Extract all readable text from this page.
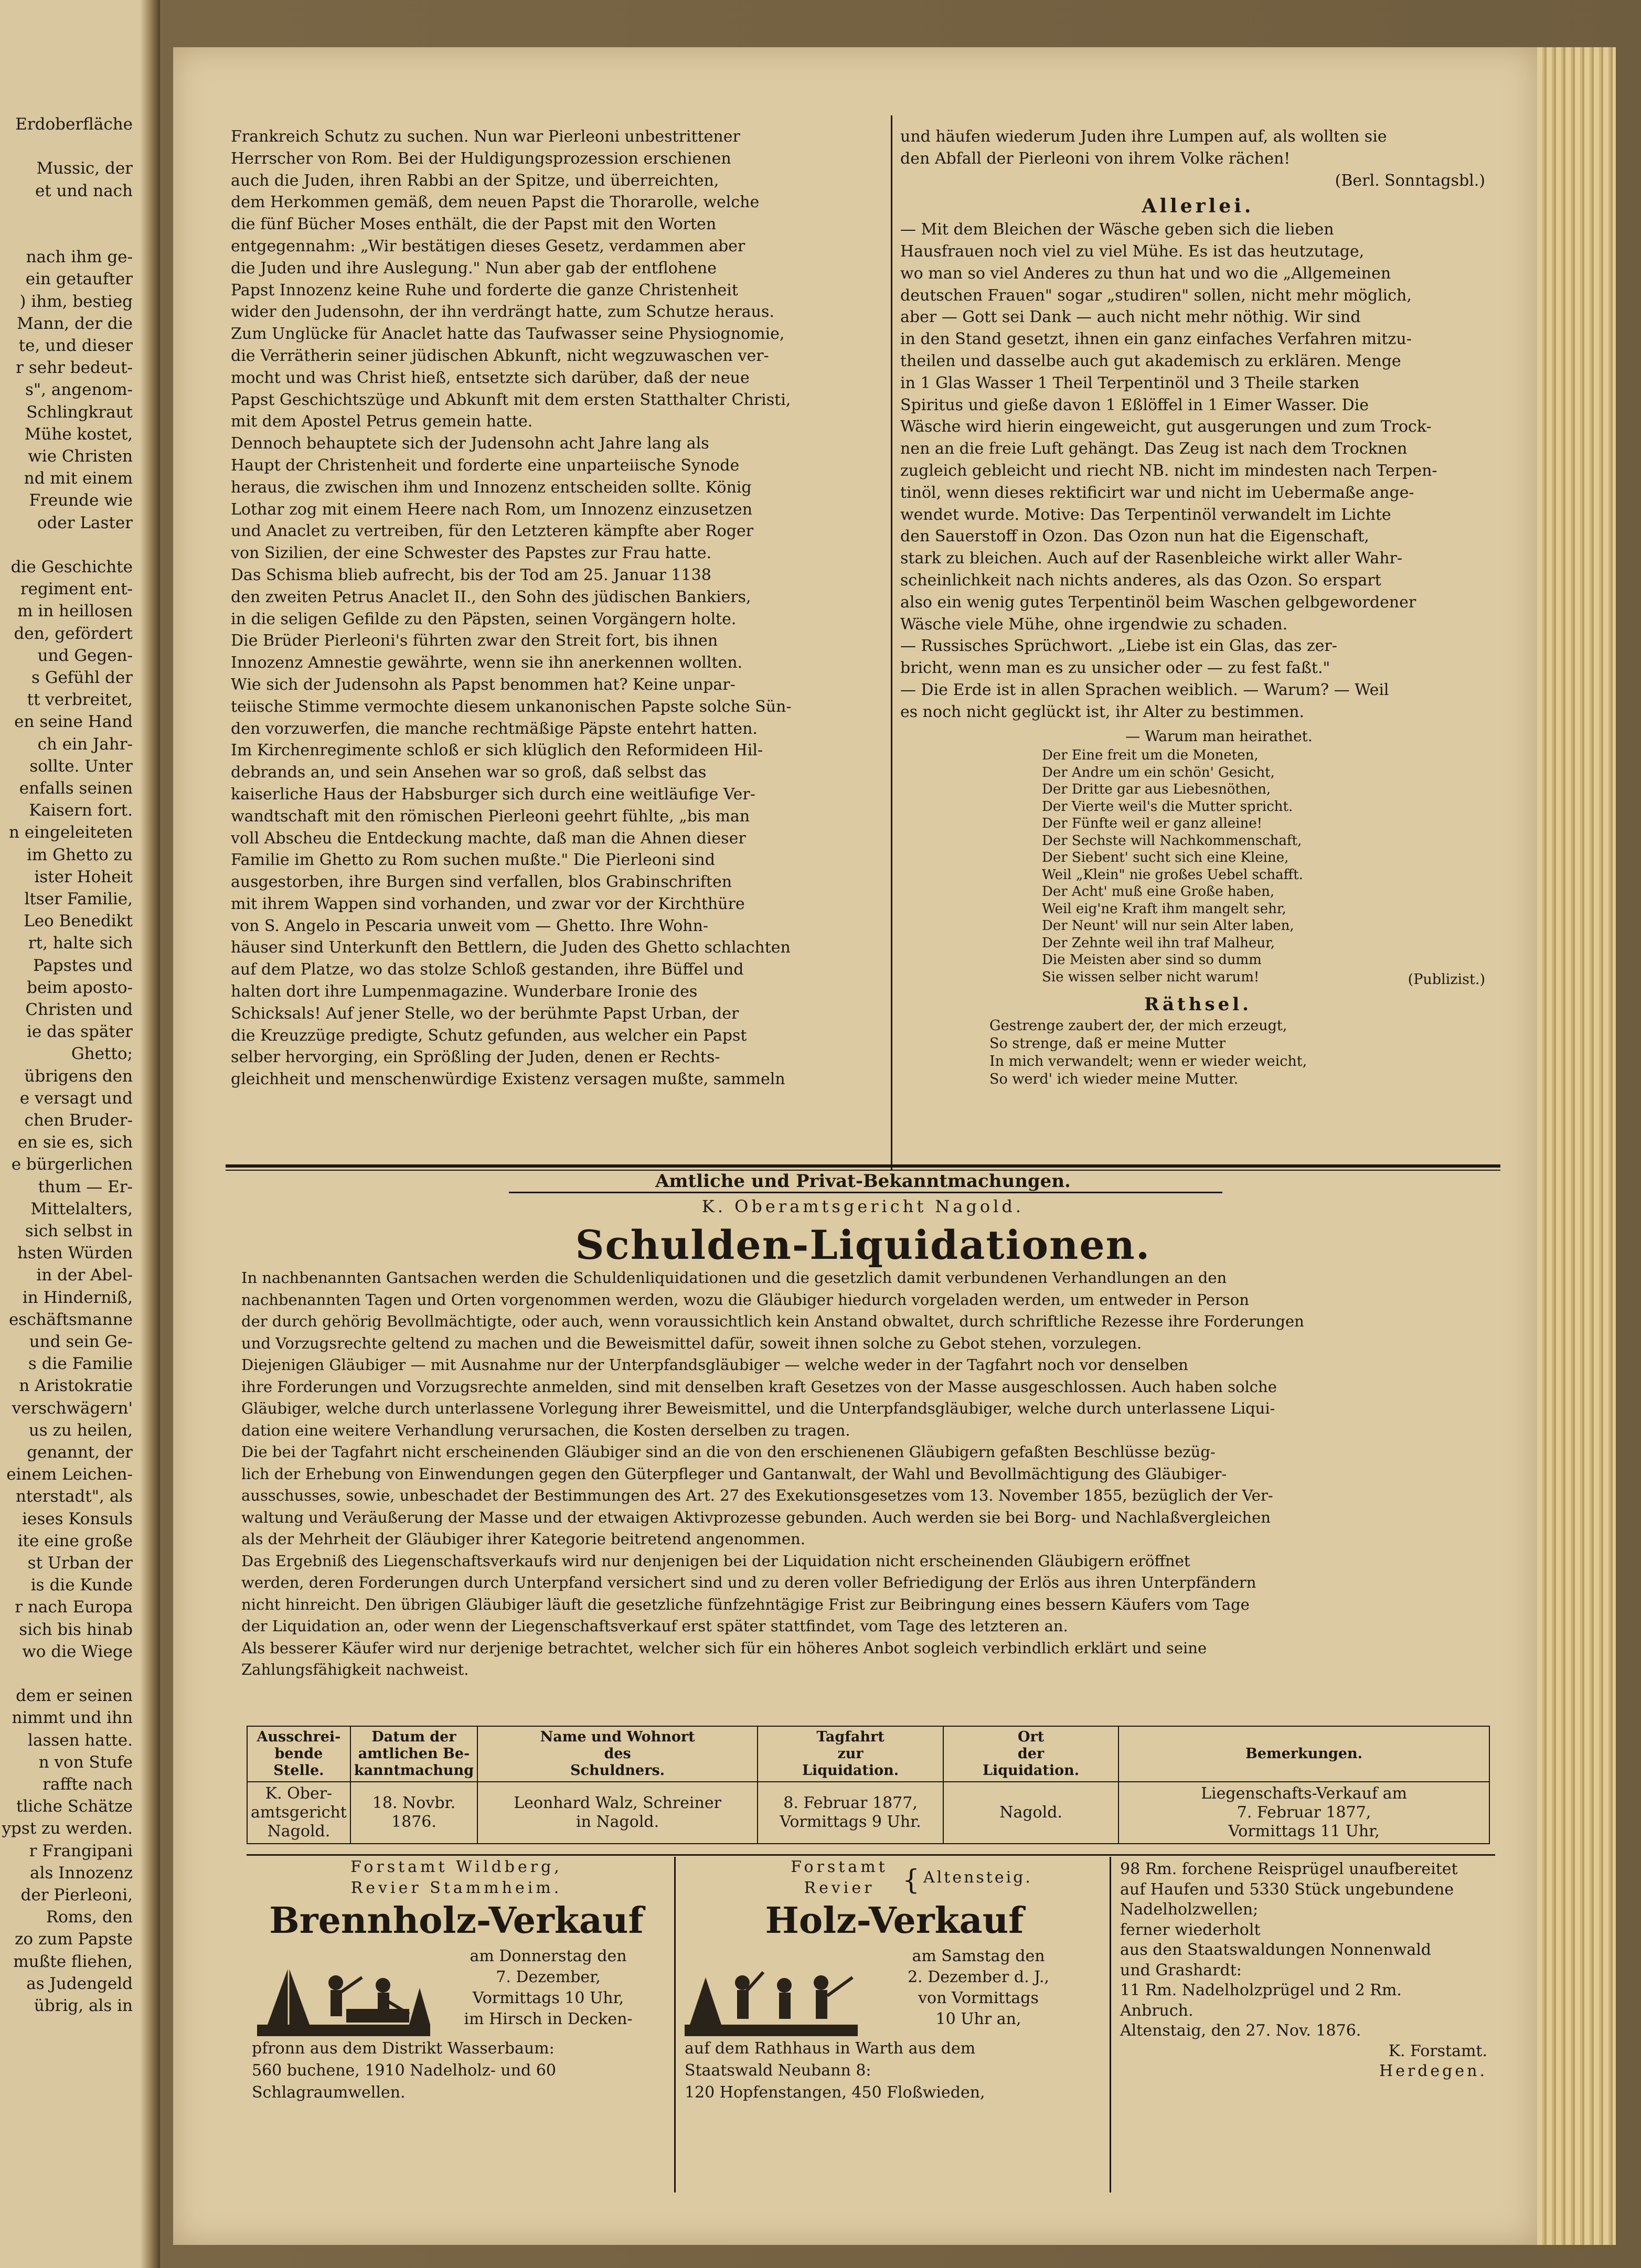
Erdoberfläche
Mussic, der
et und nach
nach ihm ge-
ein getaufter
) ihm, bestieg
Mann, der die
te, und dieser
r sehr bedeut-
s", angenom-
Schlingkraut
Mühe kostet,
wie Christen
nd mit einem
Freunde wie
oder Laster
die Geschichte
regiment ent-
m in heillosen
den, gefördert
und Gegen-
s Gefühl der
tt verbreitet,
en seine Hand
ch ein Jahr-
sollte. Unter
enfalls seinen
Kaisern fort.
n eingeleiteten
im Ghetto zu
ister Hoheit
ltser Familie,
Leo Benedikt
rt, halte sich
Papstes und
beim aposto-
Christen und
ie das später
Ghetto;
übrigens den
e versagt und
chen Bruder-
en sie es, sich
e bürgerlichen
thum — Er-
Mittelalters,
sich selbst in
hsten Würden
in der Abel-
in Hinderniß,
eschäftsmanne
und sein Ge-
s die Familie
n Aristokratie
verschwägern'
us zu heilen,
genannt, der
einem Leichen-
nterstadt", als
ieses Konsuls
ite eine große
st Urban der
is die Kunde
r nach Europa
sich bis hinab
wo die Wiege
dem er seinen
nimmt und ihn
lassen hatte.
n von Stufe
raffte nach
tliche Schätze
ypst zu werden.
r Frangipani
als Innozenz
der Pierleoni,
Roms, den
zo zum Papste
mußte fliehen,
as Judengeld
übrig, als in
Frankreich Schutz zu suchen. Nun war Pierleoni unbestrittener
Herrscher von Rom. Bei der Huldigungsprozession erschienen
auch die Juden, ihren Rabbi an der Spitze, und überreichten,
dem Herkommen gemäß, dem neuen Papst die Thorarolle, welche
die fünf Bücher Moses enthält, die der Papst mit den Worten
entgegennahm: „Wir bestätigen dieses Gesetz, verdammen aber
die Juden und ihre Auslegung." Nun aber gab der entflohene
Papst Innozenz keine Ruhe und forderte die ganze Christenheit
wider den Judensohn, der ihn verdrängt hatte, zum Schutze heraus.
Zum Unglücke für Anaclet hatte das Taufwasser seine Physiognomie,
die Verrätherin seiner jüdischen Abkunft, nicht wegzuwaschen ver-
mocht und was Christ hieß, entsetzte sich darüber, daß der neue
Papst Geschichtszüge und Abkunft mit dem ersten Statthalter Christi,
mit dem Apostel Petrus gemein hatte.
Dennoch behauptete sich der Judensohn acht Jahre lang als
Haupt der Christenheit und forderte eine unparteiische Synode
heraus, die zwischen ihm und Innozenz entscheiden sollte. König
Lothar zog mit einem Heere nach Rom, um Innozenz einzusetzen
und Anaclet zu vertreiben, für den Letzteren kämpfte aber Roger
von Sizilien, der eine Schwester des Papstes zur Frau hatte.
Das Schisma blieb aufrecht, bis der Tod am 25. Januar 1138
den zweiten Petrus Anaclet II., den Sohn des jüdischen Bankiers,
in die seligen Gefilde zu den Päpsten, seinen Vorgängern holte.
Die Brüder Pierleoni's führten zwar den Streit fort, bis ihnen
Innozenz Amnestie gewährte, wenn sie ihn anerkennen wollten.
Wie sich der Judensohn als Papst benommen hat? Keine unpar-
teiische Stimme vermochte diesem unkanonischen Papste solche Sün-
den vorzuwerfen, die manche rechtmäßige Päpste entehrt hatten.
Im Kirchenregimente schloß er sich klüglich den Reformideen Hil-
debrands an, und sein Ansehen war so groß, daß selbst das
kaiserliche Haus der Habsburger sich durch eine weitläufige Ver-
wandtschaft mit den römischen Pierleoni geehrt fühlte, „bis man
voll Abscheu die Entdeckung machte, daß man die Ahnen dieser
Familie im Ghetto zu Rom suchen mußte." Die Pierleoni sind
ausgestorben, ihre Burgen sind verfallen, blos Grabinschriften
mit ihrem Wappen sind vorhanden, und zwar vor der Kirchthüre
von S. Angelo in Pescaria unweit vom — Ghetto. Ihre Wohn-
häuser sind Unterkunft den Bettlern, die Juden des Ghetto schlachten
auf dem Platze, wo das stolze Schloß gestanden, ihre Büffel und
halten dort ihre Lumpenmagazine. Wunderbare Ironie des
Schicksals! Auf jener Stelle, wo der berühmte Papst Urban, der
die Kreuzzüge predigte, Schutz gefunden, aus welcher ein Papst
selber hervorging, ein Sprößling der Juden, denen er Rechts-
gleichheit und menschenwürdige Existenz versagen mußte, sammeln
und häufen wiederum Juden ihre Lumpen auf, als wollten sie
den Abfall der Pierleoni von ihrem Volke rächen!
(Berl. Sonntagsbl.)
Allerlei.
— Mit dem Bleichen der Wäsche geben sich die lieben
Hausfrauen noch viel zu viel Mühe. Es ist das heutzutage,
wo man so viel Anderes zu thun hat und wo die „Allgemeinen
deutschen Frauen" sogar „studiren" sollen, nicht mehr möglich,
aber — Gott sei Dank — auch nicht mehr nöthig. Wir sind
in den Stand gesetzt, ihnen ein ganz einfaches Verfahren mitzu-
theilen und dasselbe auch gut akademisch zu erklären. Menge
in 1 Glas Wasser 1 Theil Terpentinöl und 3 Theile starken
Spiritus und gieße davon 1 Eßlöffel in 1 Eimer Wasser. Die
Wäsche wird hierin eingeweicht, gut ausgerungen und zum Trock-
nen an die freie Luft gehängt. Das Zeug ist nach dem Trocknen
zugleich gebleicht und riecht NB. nicht im mindesten nach Terpen-
tinöl, wenn dieses rektificirt war und nicht im Uebermaße ange-
wendet wurde. Motive: Das Terpentinöl verwandelt im Lichte
den Sauerstoff in Ozon. Das Ozon nun hat die Eigenschaft,
stark zu bleichen. Auch auf der Rasenbleiche wirkt aller Wahr-
scheinlichkeit nach nichts anderes, als das Ozon. So erspart
also ein wenig gutes Terpentinöl beim Waschen gelbgewordener
Wäsche viele Mühe, ohne irgendwie zu schaden.
— Russisches Sprüchwort. „Liebe ist ein Glas, das zer-
bricht, wenn man es zu unsicher oder — zu fest faßt."
— Die Erde ist in allen Sprachen weiblich. — Warum? — Weil
es noch nicht geglückt ist, ihr Alter zu bestimmen.
— Warum man heirathet.
Der Eine freit um die Moneten,
Der Andre um ein schön' Gesicht,
Der Dritte gar aus Liebesnöthen,
Der Vierte weil's die Mutter spricht.
Der Fünfte weil er ganz alleine!
Der Sechste will Nachkommenschaft,
Der Siebent' sucht sich eine Kleine,
Weil „Klein" nie großes Uebel schafft.
Der Acht' muß eine Große haben,
Weil eig'ne Kraft ihm mangelt sehr,
Der Neunt' will nur sein Alter laben,
Der Zehnte weil ihn traf Malheur,
Die Meisten aber sind so dumm
Sie wissen selber nicht warum!	(Publizist.)
Räthsel.
Gestrenge zaubert der, der mich erzeugt,
So strenge, daß er meine Mutter
In mich verwandelt; wenn er wieder weicht,
So werd' ich wieder meine Mutter.
Amtliche und Privat-Bekanntmachungen.
K. Oberamtsgericht Nagold.
Schulden-Liquidationen.
In nachbenannten Gantsachen werden die Schuldenliquidationen und die gesetzlich damit verbundenen Verhandlungen an den
nachbenannten Tagen und Orten vorgenommen werden, wozu die Gläubiger hiedurch vorgeladen werden, um entweder in Person
der durch gehörig Bevollmächtigte, oder auch, wenn voraussichtlich kein Anstand obwaltet, durch schriftliche Rezesse ihre Forderungen
und Vorzugsrechte geltend zu machen und die Beweismittel dafür, soweit ihnen solche zu Gebot stehen, vorzulegen.
Diejenigen Gläubiger — mit Ausnahme nur der Unterpfandsgläubiger — welche weder in der Tagfahrt noch vor denselben
ihre Forderungen und Vorzugsrechte anmelden, sind mit denselben kraft Gesetzes von der Masse ausgeschlossen. Auch haben solche
Gläubiger, welche durch unterlassene Vorlegung ihrer Beweismittel, und die Unterpfandsgläubiger, welche durch unterlassene Liqui-
dation eine weitere Verhandlung verursachen, die Kosten derselben zu tragen.
Die bei der Tagfahrt nicht erscheinenden Gläubiger sind an die von den erschienenen Gläubigern gefaßten Beschlüsse bezüg-
lich der Erhebung von Einwendungen gegen den Güterpfleger und Gantanwalt, der Wahl und Bevollmächtigung des Gläubiger-
ausschusses, sowie, unbeschadet der Bestimmungen des Art. 27 des Exekutionsgesetzes vom 13. November 1855, bezüglich der Ver-
waltung und Veräußerung der Masse und der etwaigen Aktivprozesse gebunden. Auch werden sie bei Borg- und Nachlaßvergleichen
als der Mehrheit der Gläubiger ihrer Kategorie beitretend angenommen.
Das Ergebniß des Liegenschaftsverkaufs wird nur denjenigen bei der Liquidation nicht erscheinenden Gläubigern eröffnet
werden, deren Forderungen durch Unterpfand versichert sind und zu deren voller Befriedigung der Erlös aus ihren Unterpfändern
nicht hinreicht. Den übrigen Gläubiger läuft die gesetzliche fünfzehntägige Frist zur Beibringung eines bessern Käufers vom Tage
der Liquidation an, oder wenn der Liegenschaftsverkauf erst später stattfindet, vom Tage des letzteren an.
Als besserer Käufer wird nur derjenige betrachtet, welcher sich für ein höheres Anbot sogleich verbindlich erklärt und seine
Zahlungsfähigkeit nachweist.
Ausschrei-
bende Stelle.	Datum der
amtlichen Be-
kanntmachung	Name und Wohnort
des
Schuldners.	Tagfahrt
zur
Liquidation.	Ort
der
Liquidation.	Bemerkungen.
K. Ober-
amtsgericht
Nagold.	18. Novbr.
1876.	Leonhard Walz, Schreiner
in Nagold.	8. Februar 1877,
Vormittags 9 Uhr.	Nagold.	Liegenschafts-Verkauf am
7. Februar 1877,
Vormittags 11 Uhr,
Forstamt Wildberg,
Revier Stammheim.
Brennholz-Verkauf
am Donnerstag den
7. Dezember,
Vormittags 10 Uhr,
im Hirsch in Decken-
pfronn aus dem Distrikt Wasserbaum:
560 buchene, 1910 Nadelholz- und 60
Schlagraumwellen.
Forstamt
Revier	{ Altensteig.
Holz-Verkauf
am Samstag den
2. Dezember d. J.,
von Vormittags
10 Uhr an,
auf dem Rathhaus in Warth aus dem
Staatswald Neubann 8:
120 Hopfenstangen, 450 Floßwieden,
98 Rm. forchene Reisprügel unaufbereitet
auf Haufen und 5330 Stück ungebundene
Nadelholzwellen;
ferner wiederholt
aus den Staatswaldungen Nonnenwald
und Grashardt:
11 Rm. Nadelholzprügel und 2 Rm.
Anbruch.
Altenstaig, den 27. Nov. 1876.
K. Forstamt.
Herdegen.
